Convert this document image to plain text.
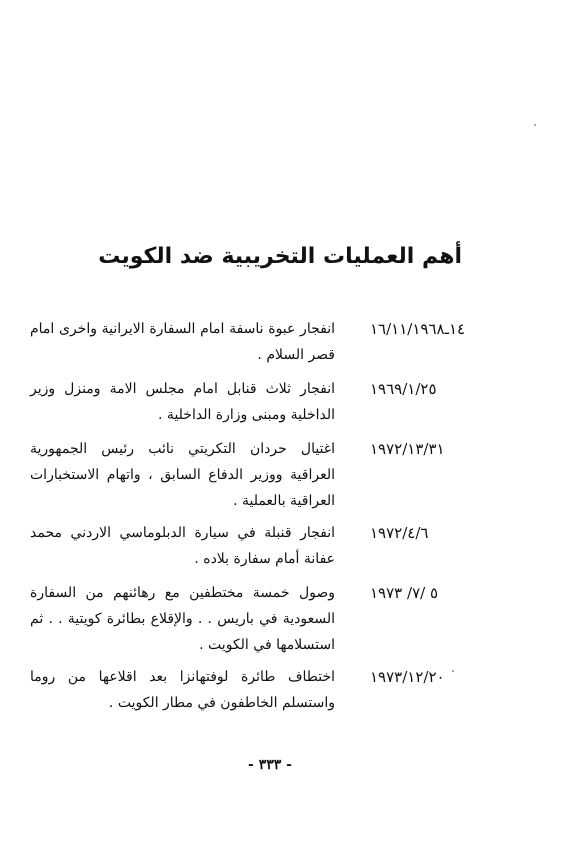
أهم العمليات التخريبية ضد الكويت
١٤ـ١٦/١١/١٩٦٨
انفجار عبوة ناسفة امام السفارة الايرانية واخرى امام قصر السلام .
١٩٦٩/١/٢٥
انفجار ثلاث قنابل امام مجلس الامة ومنزل وزير الداخلية ومبنى وزارة الداخلية .
١٩٧٢/١٣/٣١
اغتيال حردان التكريتي نائب رئيس الجمهورية العراقية ووزير الدفاع السابق ، واتهام الاستخبارات العراقية بالعملية .
١٩٧٢/٤/٦
انفجار قنبلة في سيارة الدبلوماسي الاردني محمد عفانة أمام سفارة بلاده .
٥ /٧/ ١٩٧٣
وصول خمسة مختطفين مع رهائنهم من السفارة السعودية في باريس . . والإقلاع بطائرة كويتية . . ثم استسلامها في الكويت .
١٩٧٣/١٢/٢٠
اختطاف طائرة لوفتهانزا بعد اقلاعها من روما واستسلم الخاطفون في مطار الكويت .
- ٣٣٣ -
